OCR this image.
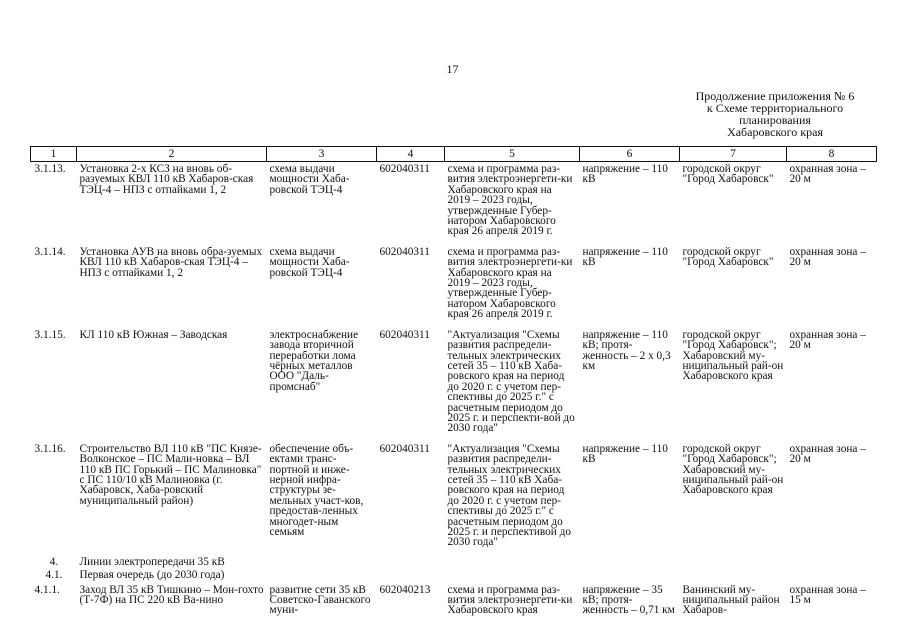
17
Продолжение приложения № 6
к Схеме территориального
планирования
Хабаровского края
1	2	3	4	5	6	7	8
3.1.13.	Установка 2-х КСЗ на вновь об-разуемых КВЛ 110 кВ Хабаров-ская ТЭЦ-4 – НПЗ с отпайками 1, 2	схема выдачи мощности Хаба-ровской ТЭЦ-4	602040311	схема и программа раз-вития электроэнергети-ки Хабаровского края на 2019 – 2023 годы, утвержденные Губер-натором Хабаровского края 26 апреля 2019 г.	напряжение – 110 кВ	городской округ "Город Хабаровск"	охранная зона – 20 м
3.1.14.	Установка АУВ на вновь обра-зуемых КВЛ 110 кВ Хабаров-ская ТЭЦ-4 – НПЗ с отпайками 1, 2	схема выдачи мощности Хаба-ровской ТЭЦ-4	602040311	схема и программа раз-вития электроэнергети-ки Хабаровского края на 2019 – 2023 годы, утвержденные Губер-натором Хабаровского края 26 апреля 2019 г.	напряжение – 110 кВ	городской округ "Город Хабаровск"	охранная зона – 20 м
3.1.15.	КЛ 110 кВ Южная – Заводская	электроснабжение завода вторичной переработки лома чёрных металлов ООО "Даль-промснаб"	602040311	"Актуализация "Схемы развития распредели-тельных электрических сетей 35 – 110 кВ Хаба-ровского края на период до 2020 г. с учетом пер-спективы до 2025 г." с расчетным периодом до 2025 г. и перспекти-вой до 2030 года"	напряжение – 110 кВ; протя-женность – 2 х 0,3 км	городской округ "Город Хабаровск"; Хабаровский му-ниципальный рай-он Хабаровского края	охранная зона – 20 м
3.1.16.	Строительство ВЛ 110 кВ "ПС Князе-Волконское – ПС Мали-новка – ВЛ 110 кВ ПС Горький – ПС Малиновка" с ПС 110/10 кВ Малиновка (г. Хабаровск, Хаба-ровский муниципальный район)	обеспечение объ-ектами транс-портной и инже-нерной инфра-структуры зе-мельных участ-ков, предостав-ленных многодет-ным семьям	602040311	"Актуализация "Схемы развития распредели-тельных электрических сетей 35 – 110 кВ Хаба-ровского края на период до 2020 г. с учетом пер-спективы до 2025 г." с расчетным периодом до 2025 г. и перспективой до 2030 года"	напряжение – 110 кВ	городской округ "Город Хабаровск"; Хабаровский му-ниципальный рай-он Хабаровского края	охранная зона – 20 м
4.	Линии электропередачи 35 кВ						
4.1.	Первая очередь (до 2030 года)						
4.1.1.	Заход ВЛ 35 кВ Тишкино – Мон-гохто (Т-7Ф) на ПС 220 кВ Ва-нино	развитие сети 35 кВ Советско-Гаванского муни-	602040213	схема и программа раз-вития электроэнергети-ки Хабаровского края	напряжение – 35 кВ; протя-женность – 0,71 км	Ванинский му-ниципальный район Хабаров-	охранная зона – 15 м
